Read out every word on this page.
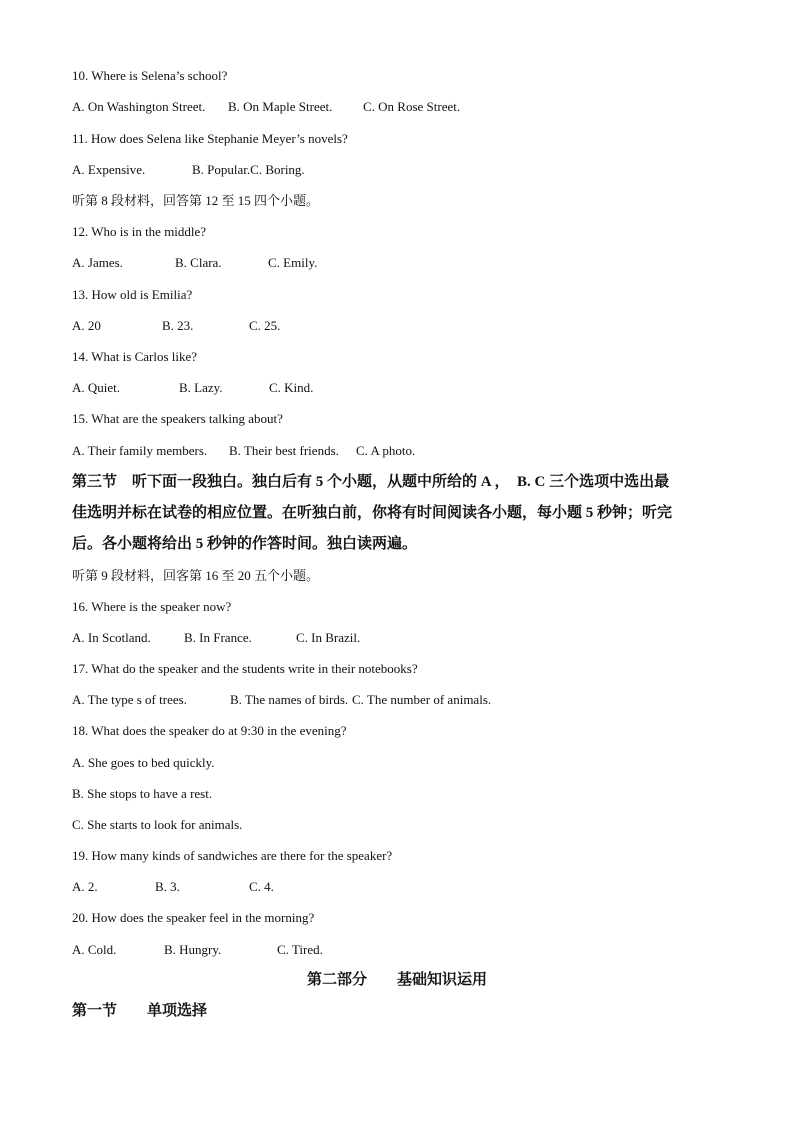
10. Where is Selena’s school?

A. On Washington Street.

B. On Maple Street.

C. On Rose Street.

11. How does Selena like Stephanie Meyer’s novels?

A. Expensive.

	B. Popular.C. Boring.

听第 8 段材料，回答第 12 至 15 四个小题。
12. Who is in the middle?

A. James.

	B. Clara.

	C. Emily.

13. How old is Emilia?

A. 20

	B. 23.

	C. 25.

14. What is Carlos like?

A. Quiet.

	B. Lazy.

	C. Kind.

15. What are the speakers talking about?

A. Their family members.

B. Their best friends.

C. A photo.

第三节　听下面一段独白。独白后有 5 个小题，从题中所给的 A ，　B. C 三个选项中选出最
佳选明并标在试卷的相应位置。在听独白前，你将有时间阅读各小题，每小题 5 秒钟；听完
后。各小题将给出 5 秒钟的作答时间。独白读两遍。
听第 9 段材料，回客第 16 至 20 五个小题。
16. Where is the speaker now?

A. In Scotland.

	B. In France.

	C. In Brazil.

17. What do the speaker and the students write in their notebooks?

A. The type s of trees.

	B. The names of birds.

C. The number of animals.

18. What does the speaker do at 9:30 in the evening?
A. She goes to bed quickly.
B. She stops to have a rest.
C. She starts to look for animals.
19. How many kinds of sandwiches are there for the speaker?

A. 2.

	B. 3.

	C. 4.

20. How does the speaker feel in the morning?

A. Cold.

	B. Hungry.

	C. Tired.

第二部分　　基础知识运用
第一节　　单项选择
